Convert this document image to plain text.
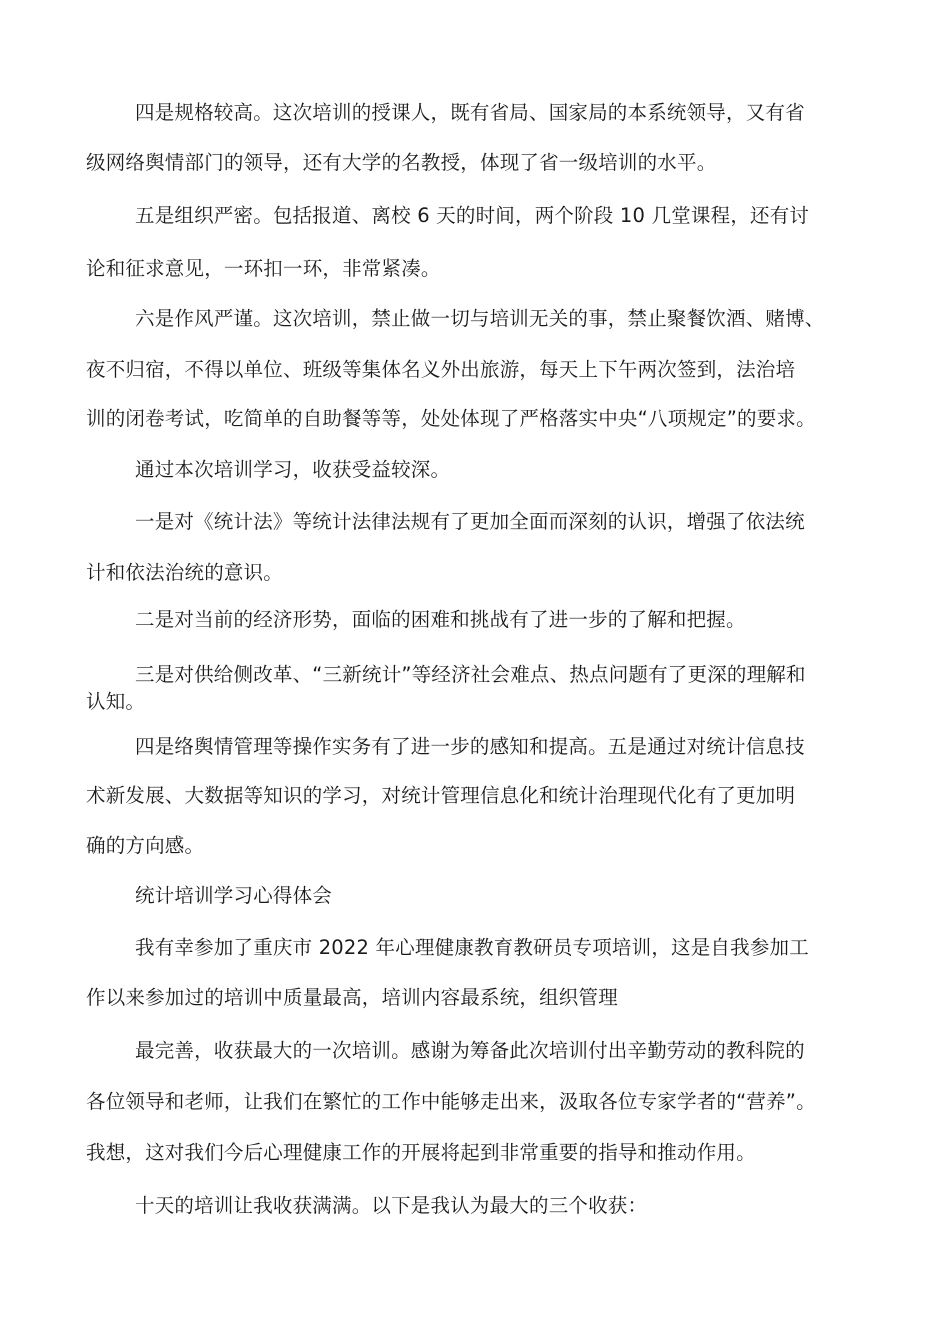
四是规格较高。这次培训的授课人，既有省局、国家局的本系统领导，又有省
级网络舆情部门的领导，还有大学的名教授，体现了省一级培训的水平。
五是组织严密。包括报道、离校 6 天的时间，两个阶段 10 几堂课程，还有讨
论和征求意见，一环扣一环，非常紧凑。
六是作风严谨。这次培训，禁止做一切与培训无关的事，禁止聚餐饮酒、赌博、
夜不归宿，不得以单位、班级等集体名义外出旅游，每天上下午两次签到，法治培
训的闭卷考试，吃简单的自助餐等等，处处体现了严格落实中央“八项规定”的要求。
通过本次培训学习，收获受益较深。
一是对《统计法》等统计法律法规有了更加全面而深刻的认识，增强了依法统
计和依法治统的意识。
二是对当前的经济形势，面临的困难和挑战有了进一步的了解和把握。
三是对供给侧改革、“三新统计”等经济社会难点、热点问题有了更深的理解和
认知。
四是络舆情管理等操作实务有了进一步的感知和提高。五是通过对统计信息技
术新发展、大数据等知识的学习，对统计管理信息化和统计治理现代化有了更加明
确的方向感。
统计培训学习心得体会
我有幸参加了重庆市 2022 年心理健康教育教研员专项培训，这是自我参加工
作以来参加过的培训中质量最高，培训内容最系统，组织管理
最完善，收获最大的一次培训。感谢为筹备此次培训付出辛勤劳动的教科院的
各位领导和老师，让我们在繁忙的工作中能够走出来，汲取各位专家学者的“营养”。
我想，这对我们今后心理健康工作的开展将起到非常重要的指导和推动作用。
十天的培训让我收获满满。以下是我认为最大的三个收获：
